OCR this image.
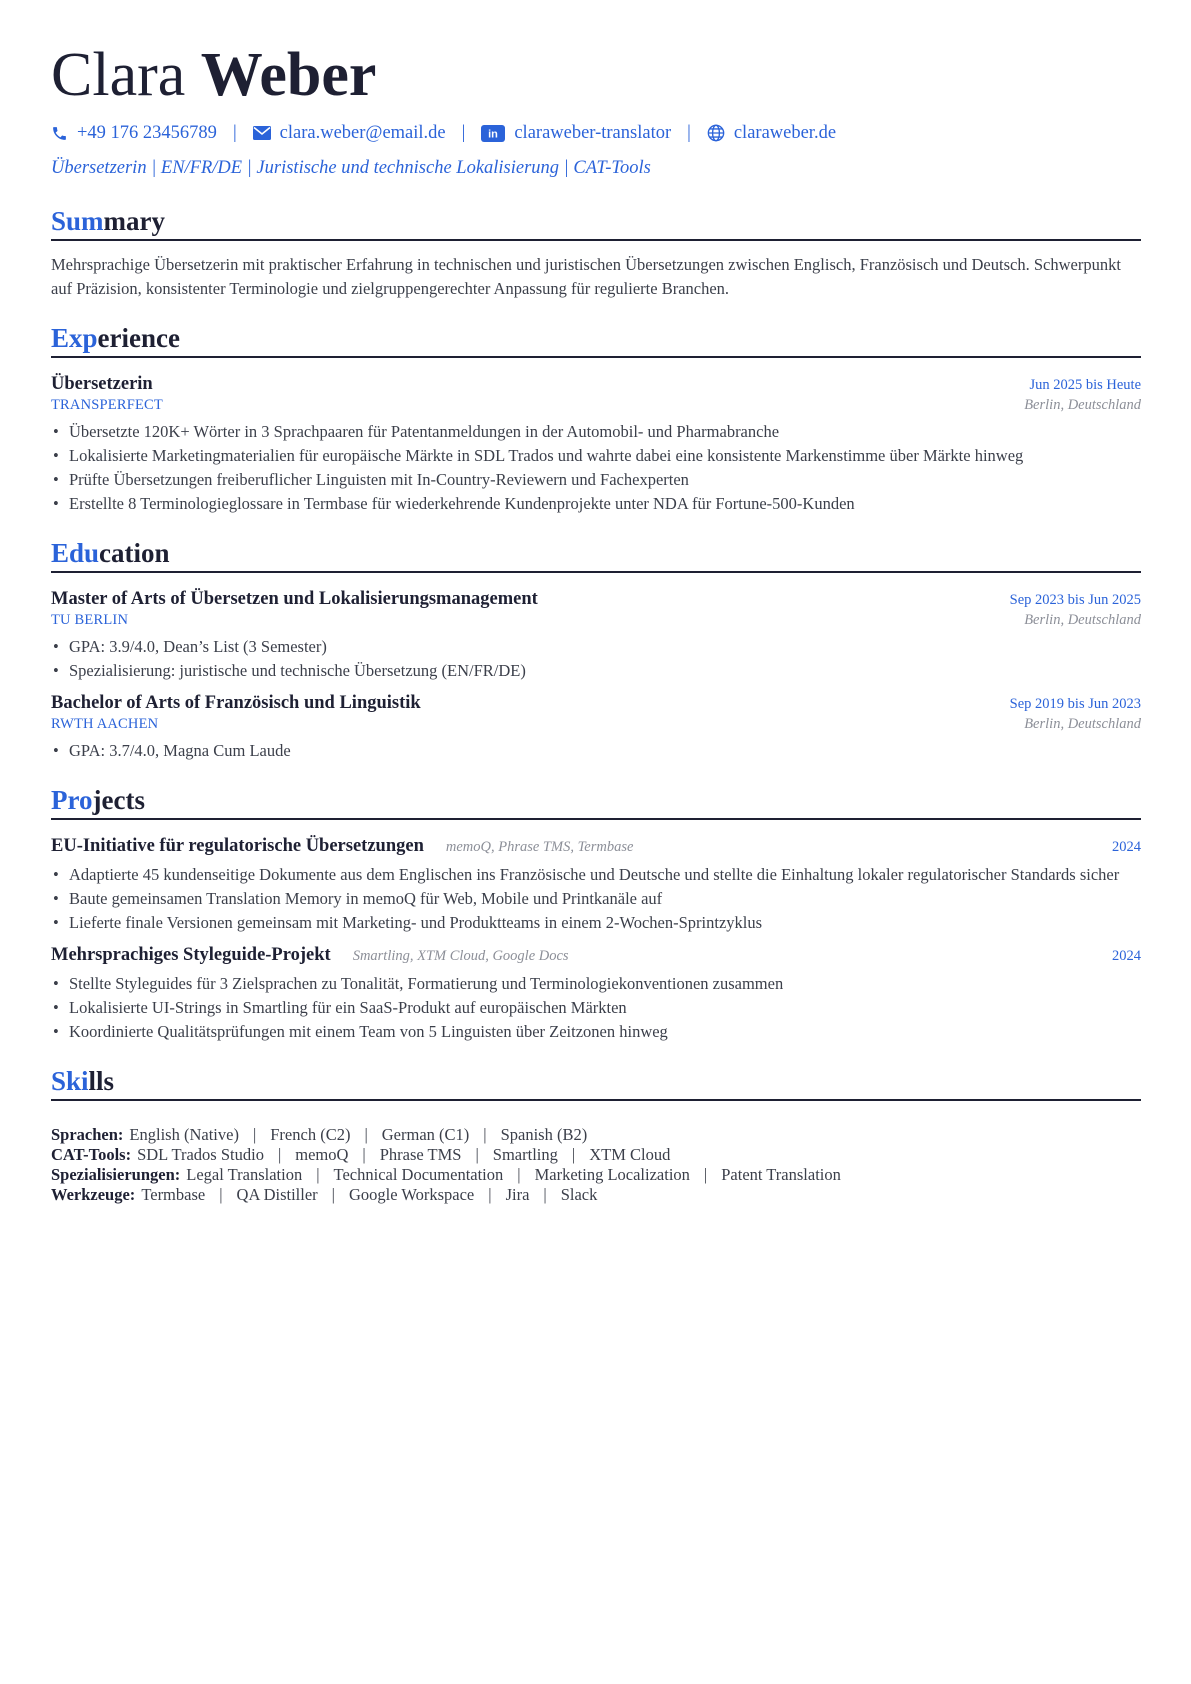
Clara Weber
+49 176 23456789 | clara.weber@email.de | in claraweber-translator | claraweber.de
Übersetzerin | EN/FR/DE | Juristische und technische Lokalisierung | CAT-Tools
Summary
Mehrsprachige Übersetzerin mit praktischer Erfahrung in technischen und juristischen Übersetzungen zwischen Englisch, Französisch und Deutsch. Schwerpunkt auf Präzision, konsistenter Terminologie und zielgruppengerechter Anpassung für regulierte Branchen.
Experience
Übersetzerin	Jun 2025 bis Heute
TRANSPERFECT	Berlin, Deutschland
• Übersetzte 120K+ Wörter in 3 Sprachpaaren für Patentanmeldungen in der Automobil- und Pharmabranche
• Lokalisierte Marketingmaterialien für europäische Märkte in SDL Trados und wahrte dabei eine konsistente Markenstimme über Märkte hinweg
• Prüfte Übersetzungen freiberuflicher Linguisten mit In-Country-Reviewern und Fachexperten
• Erstellte 8 Terminologieglossare in Termbase für wiederkehrende Kundenprojekte unter NDA für Fortune-500-Kunden
Education
Master of Arts of Übersetzen und Lokalisierungsmanagement	Sep 2023 bis Jun 2025
TU BERLIN	Berlin, Deutschland
• GPA: 3.9/4.0, Dean’s List (3 Semester)
• Spezialisierung: juristische und technische Übersetzung (EN/FR/DE)
Bachelor of Arts of Französisch und Linguistik	Sep 2019 bis Jun 2023
RWTH AACHEN	Berlin, Deutschland
• GPA: 3.7/4.0, Magna Cum Laude
Projects
EU-Initiative für regulatorische Übersetzungen memoQ, Phrase TMS, Termbase	2024
• Adaptierte 45 kundenseitige Dokumente aus dem Englischen ins Französische und Deutsche und stellte die Einhaltung lokaler regulatorischer Standards sicher
• Baute gemeinsamen Translation Memory in memoQ für Web, Mobile und Printkanäle auf
• Lieferte finale Versionen gemeinsam mit Marketing- und Produktteams in einem 2-Wochen-Sprintzyklus
Mehrsprachiges Styleguide-Projekt Smartling, XTM Cloud, Google Docs	2024
• Stellte Styleguides für 3 Zielsprachen zu Tonalität, Formatierung und Terminologiekonventionen zusammen
• Lokalisierte UI-Strings in Smartling für ein SaaS-Produkt auf europäischen Märkten
• Koordinierte Qualitätsprüfungen mit einem Team von 5 Linguisten über Zeitzonen hinweg
Skills
Sprachen: English (Native) | French (C2) | German (C1) | Spanish (B2)
CAT-Tools: SDL Trados Studio | memoQ | Phrase TMS | Smartling | XTM Cloud
Spezialisierungen: Legal Translation | Technical Documentation | Marketing Localization | Patent Translation
Werkzeuge: Termbase | QA Distiller | Google Workspace | Jira | Slack
